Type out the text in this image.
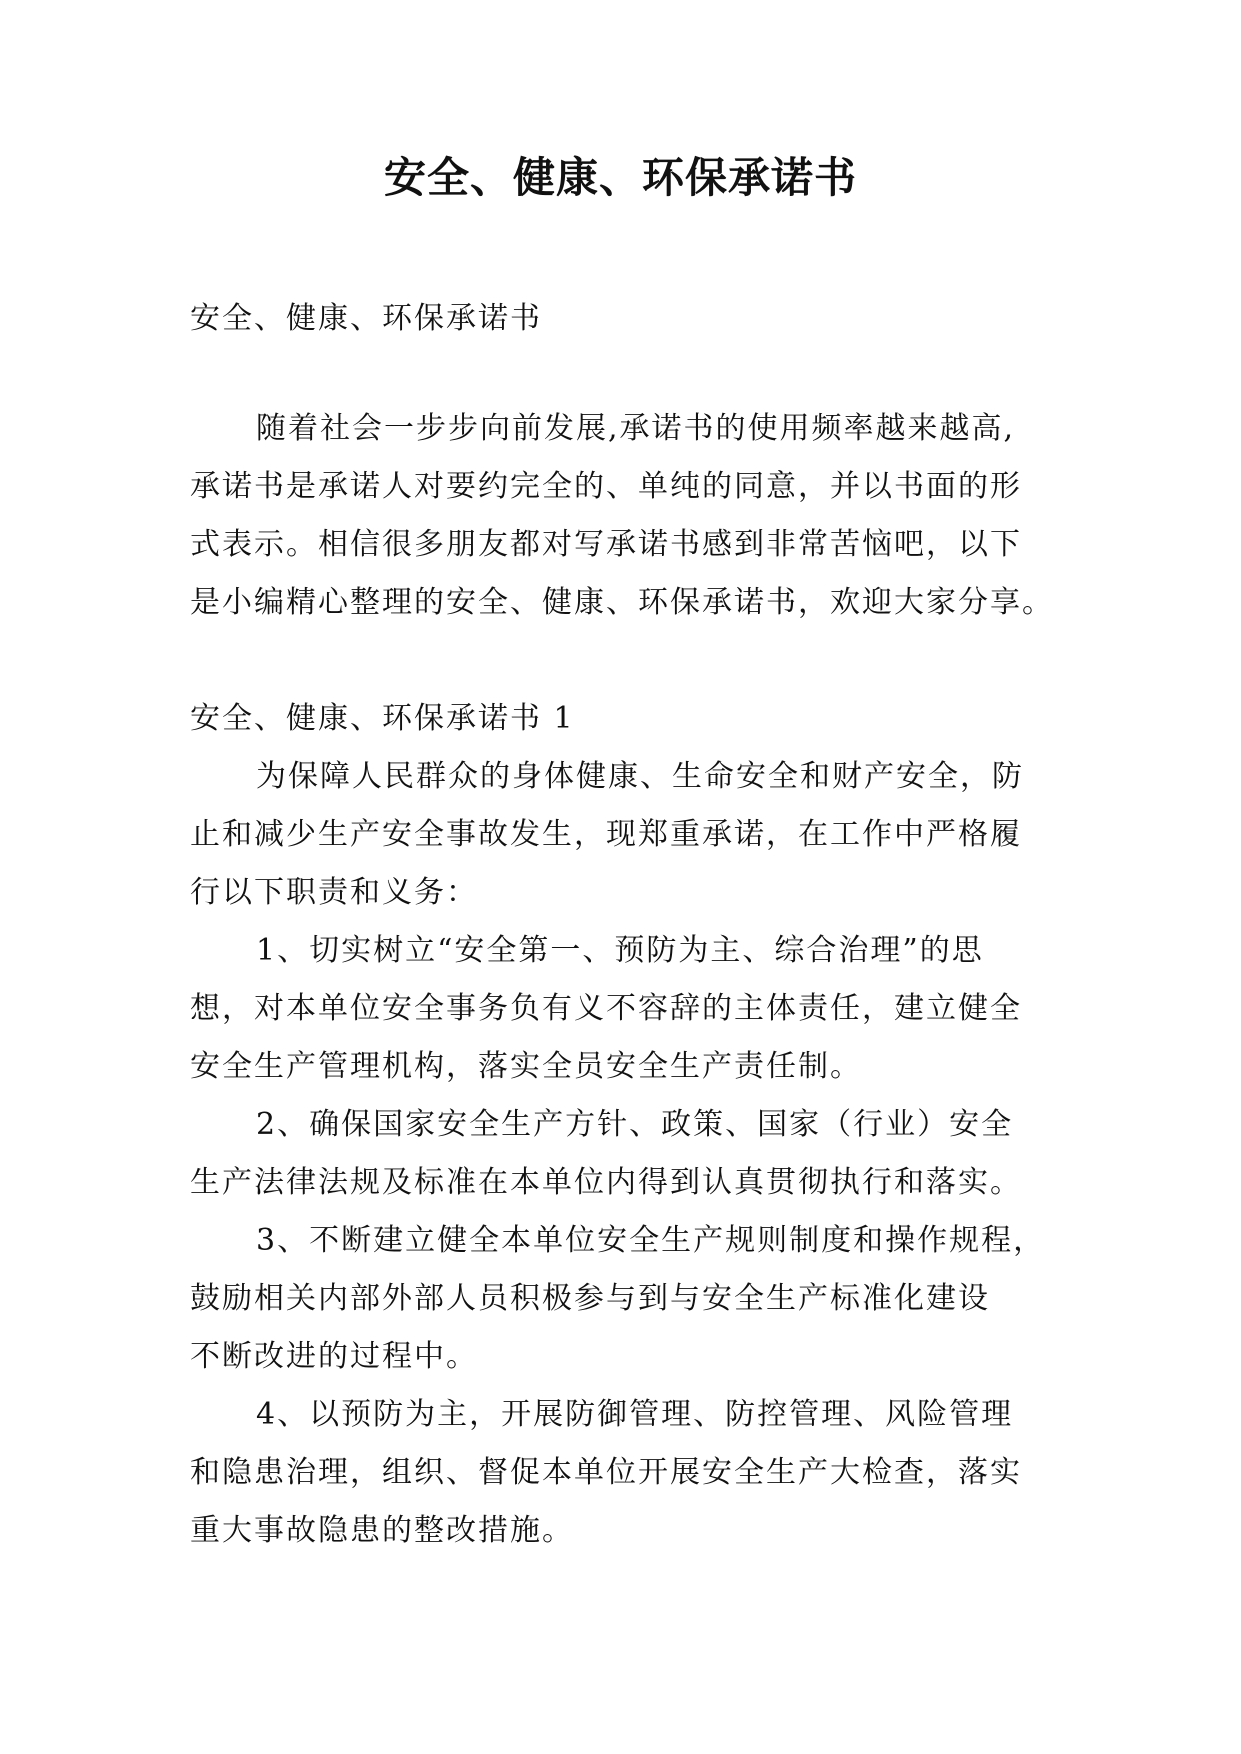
安全、健康、环保承诺书

安全、健康、环保承诺书

随着社会一步步向前发展,承诺书的使用频率越来越高,
承诺书是承诺人对要约完全的、单纯的同意，并以书面的形
式表示。相信很多朋友都对写承诺书感到非常苦恼吧，以下
是小编精心整理的安全、健康、环保承诺书，欢迎大家分享。

安全、健康、环保承诺书 1

为保障人民群众的身体健康、生命安全和财产安全，防
止和减少生产安全事故发生，现郑重承诺，在工作中严格履
行以下职责和义务：
1、切实树立“安全第一、预防为主、综合治理”的思
想，对本单位安全事务负有义不容辞的主体责任，建立健全
安全生产管理机构，落实全员安全生产责任制。
2、确保国家安全生产方针、政策、国家（行业）安全
生产法律法规及标准在本单位内得到认真贯彻执行和落实。
3、不断建立健全本单位安全生产规则制度和操作规程，
鼓励相关内部外部人员积极参与到与安全生产标准化建设
不断改进的过程中。
4、以预防为主，开展防御管理、防控管理、风险管理
和隐患治理，组织、督促本单位开展安全生产大检查，落实
重大事故隐患的整改措施。
